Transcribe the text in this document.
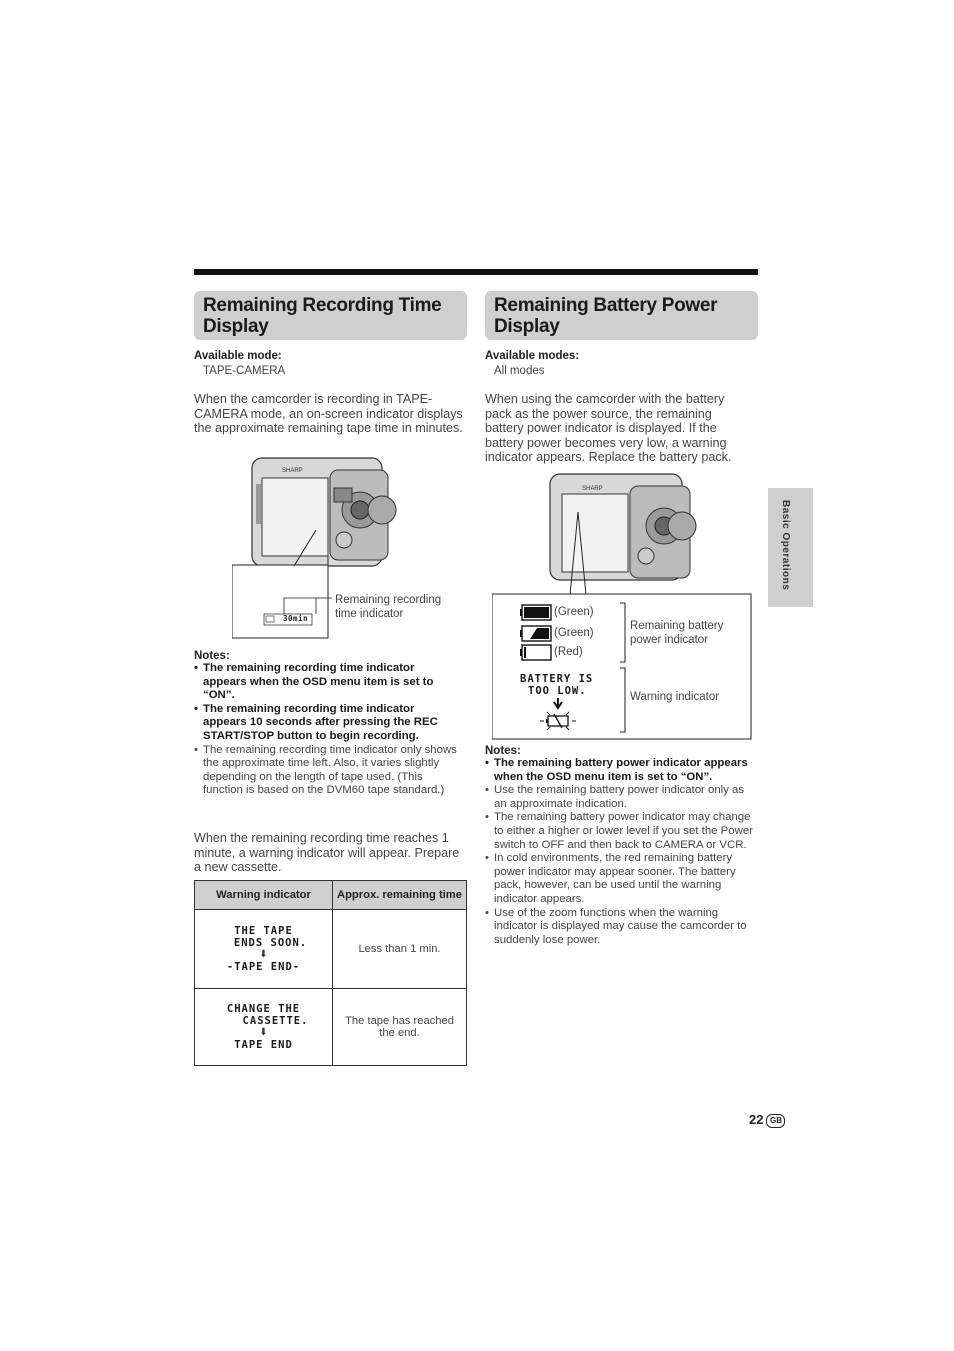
Remaining Recording Time Display
Available mode:
TAPE-CAMERA
When the camcorder is recording in TAPE-CAMERA mode, an on-screen indicator displays the approximate remaining tape time in minutes.
SHARP
30min
Remaining recording time indicator

Notes:

• The remaining recording time indicator appears when the OSD menu item is set to “ON”.
• The remaining recording time indicator appears 10 seconds after pressing the REC START/STOP button to begin recording.
• The remaining recording time indicator only shows the approximate time left. Also, it varies slightly depending on the length of tape used. (This function is based on the DVM60 tape standard.)
When the remaining recording time reaches 1 minute, a warning indicator will appear. Prepare a new cassette.
Warning indicator	Approx. remaining time

THE TAPE
ENDS SOON.
⬇
-TAPE END-	Less than 1 min.

CHANGE THE
CASSETTE.
⬇
TAPE END	The tape has reached the end.
Remaining Battery Power Display
Available modes:
All modes
When using the camcorder with the battery pack as the power source, the remaining battery power indicator is displayed. If the battery power becomes very low, a warning indicator appears. Replace the battery pack.
SHARP
(Green)
(Green)
(Red)
Remaining battery power indicator
BATTERY IS
TOO LOW.	Warning indicator

Notes:

• The remaining battery power indicator appears when the OSD menu item is set to “ON”.
• Use the remaining battery power indicator only as an approximate indication.
• The remaining battery power indicator may change to either a higher or lower level if you set the Power switch to OFF and then back to CAMERA or VCR.
• In cold environments, the red remaining battery power indicator may appear sooner. The battery pack, however, can be used until the warning indicator appears.
• Use of the zoom functions when the warning indicator is displayed may cause the camcorder to suddenly lose power.
Basic Operations
22 GB
